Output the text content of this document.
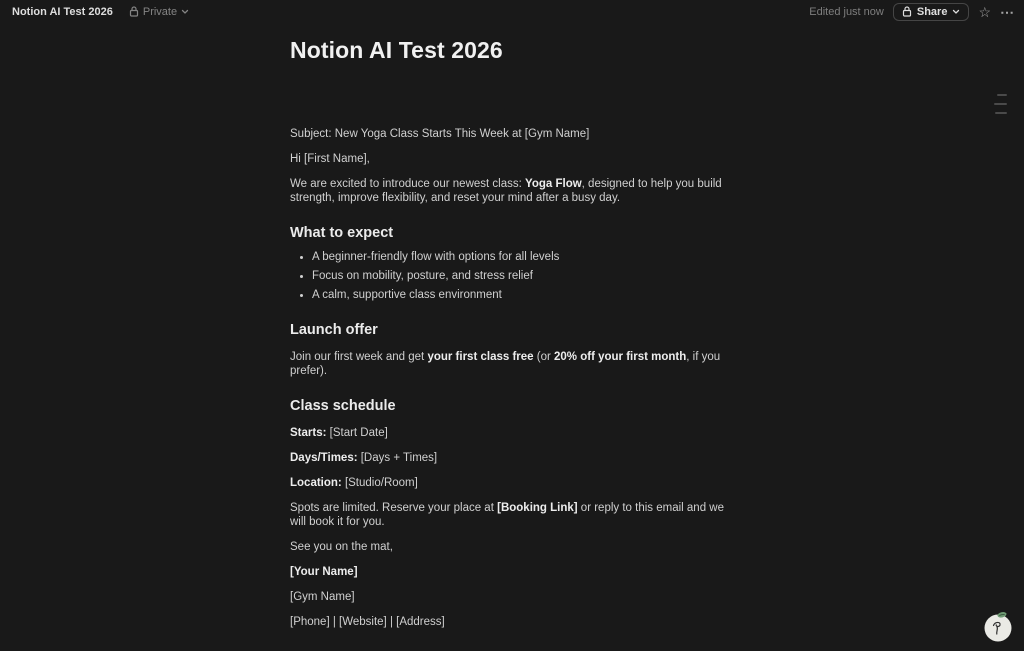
Notion AI Test 2026	Private	Edited just now	Share ☆ ⋯
Notion AI Test 2026

Subject: New Yoga Class Starts This Week at [Gym Name]

Hi [First Name],

We are excited to introduce our newest class: Yoga Flow, designed to help you build strength, improve flexibility, and reset your mind after a busy day.

What to expect
• A beginner-friendly flow with options for all levels
• Focus on mobility, posture, and stress relief
• A calm, supportive class environment
Launch offer

Join our first week and get your first class free (or 20% off your first month, if you prefer).

Class schedule

Starts: [Start Date]

Days/Times: [Days + Times]

Location: [Studio/Room]

Spots are limited. Reserve your place at [Booking Link] or reply to this email and we will book it for you.

See you on the mat,

[Your Name]

[Gym Name]

[Phone] | [Website] | [Address]
